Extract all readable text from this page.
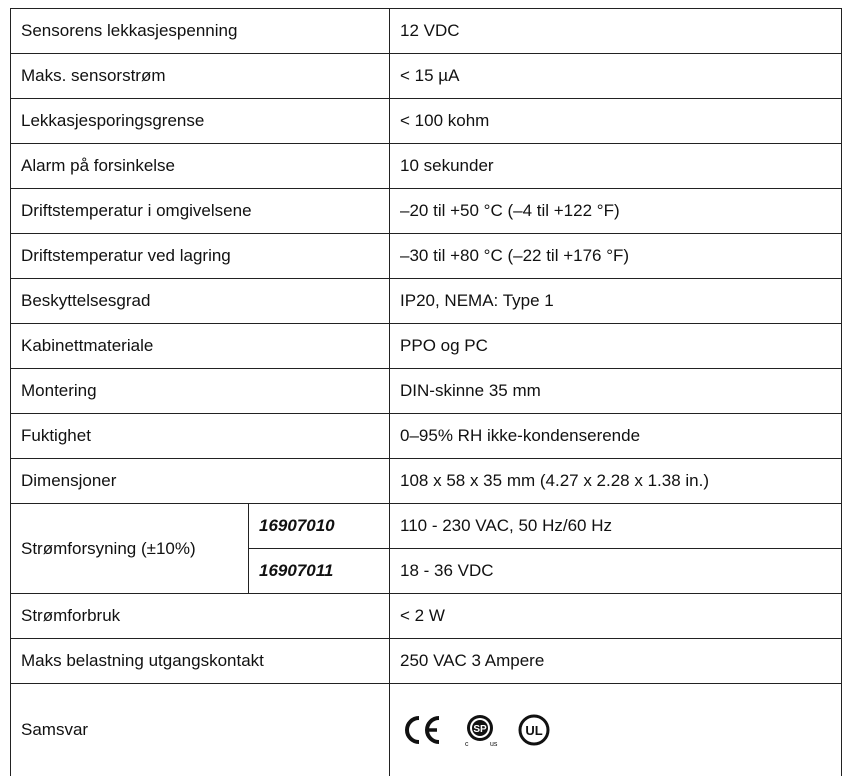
Sensorens lekkasjespenning		12 VDC
Maks. sensorstrøm		< 15 µA
Lekkasjesporingsgrense		< 100 kohm
Alarm på forsinkelse		10 sekunder
Driftstemperatur i omgivelsene		–20 til +50 °C (–4 til +122 °F)
Driftstemperatur ved lagring		–30 til +80 °C (–22 til +176 °F)
Beskyttelsesgrad		IP20, NEMA: Type 1
Kabinettmateriale		PPO og PC
Montering		DIN-skinne 35 mm
Fuktighet		0–95% RH ikke-kondenserende
Dimensjoner		108 x 58 x 35 mm (4.27 x 2.28 x 1.38 in.)
Strømforsyning (±10%)	16907010	110 - 230 VAC, 50 Hz/60 Hz
	16907011	18 - 36 VDC
Strømforbruk		< 2 W
Maks belastning utgangskontakt		250 VAC 3 Ampere
Samsvar		SP
c us
UL
